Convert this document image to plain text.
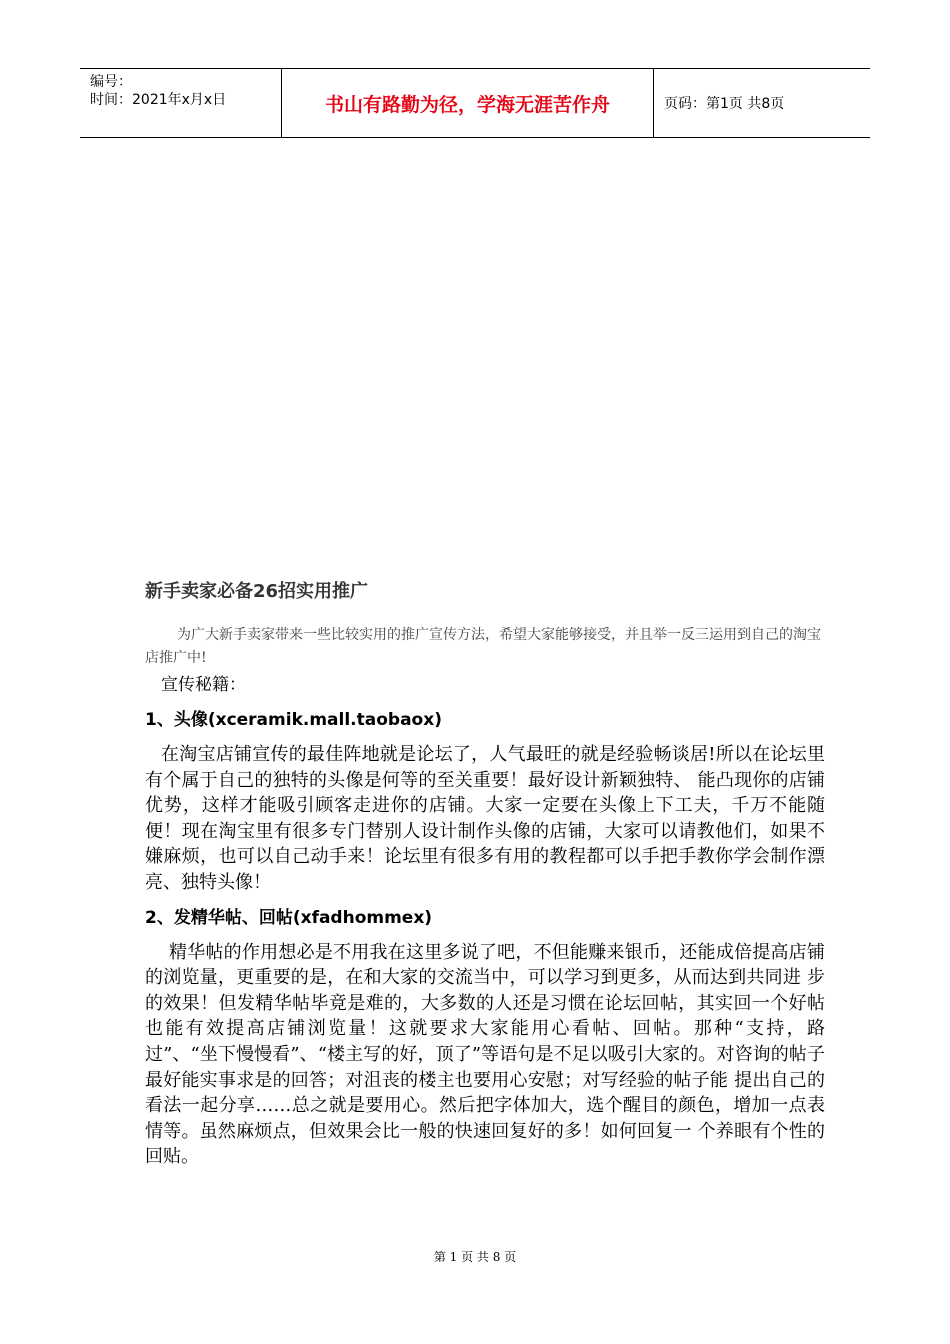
编号：
时间：2021年x月x日	书山有路勤为径，学海无涯苦作舟	页码：第1页 共8页
新手卖家必备26招实用推广

为广大新手卖家带来一些比较实用的推广宣传方法，希望大家能够接受，并且举一反三运用到自己的淘宝店推广中!

宣传秘籍：
1、头像(xceramik.mall.taobaox)

在淘宝店铺宣传的最佳阵地就是论坛了，人气最旺的就是经验畅谈居!所以在论坛里有个属于自己的独特的头像是何等的至关重要！最好设计新颖独特、 能凸现你的店铺优势，这样才能吸引顾客走进你的店铺。大家一定要在头像上下工夫，千万不能随便！现在淘宝里有很多专门替别人设计制作头像的店铺，大家可以请教他们，如果不嫌麻烦，也可以自己动手来！论坛里有很多有用的教程都可以手把手教你学会制作漂亮、独特头像！

2、发精华帖、回帖(xfadhommex)

精华帖的作用想必是不用我在这里多说了吧，不但能赚来银币，还能成倍提高店铺的浏览量，更重要的是，在和大家的交流当中，可以学习到更多，从而达到共同进 步的效果！但发精华帖毕竟是难的，大多数的人还是习惯在论坛回帖，其实回一个好帖也能有效提高店铺浏览量！这就要求大家能用心看帖、回帖。那种“支持，路 过”、“坐下慢慢看”、“楼主写的好，顶了”等语句是不足以吸引大家的。对咨询的帖子最好能实事求是的回答；对沮丧的楼主也要用心安慰；对写经验的帖子能 提出自己的看法一起分享……总之就是要用心。然后把字体加大，选个醒目的颜色，增加一点表情等。虽然麻烦点，但效果会比一般的快速回复好的多！如何回复一 个养眼有个性的回贴。

第 1 页 共 8 页
